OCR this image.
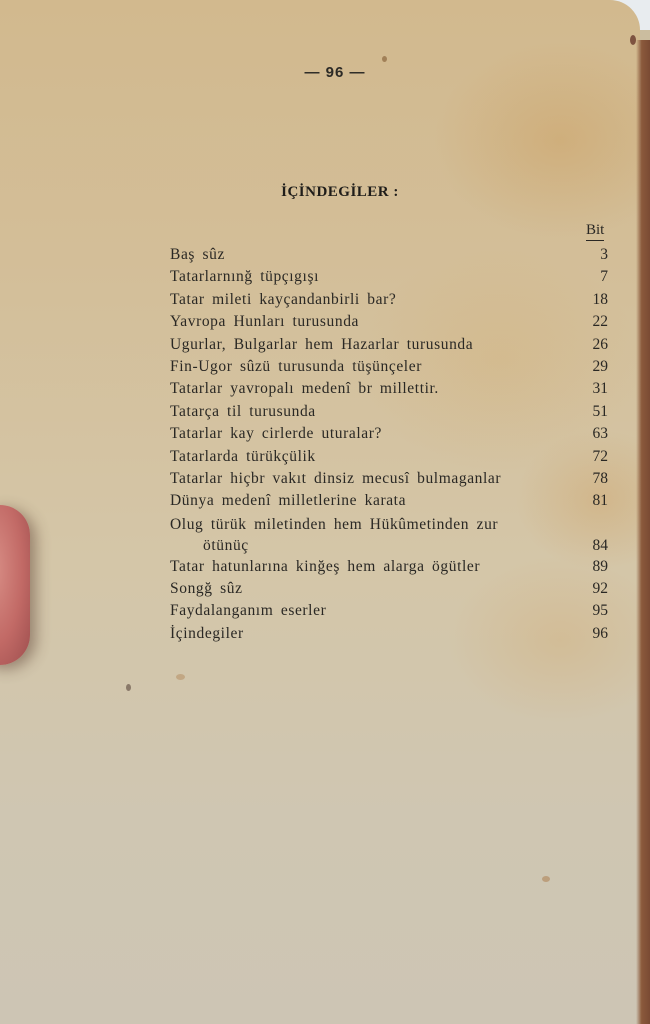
— 96 —
İÇİNDEGİLER :
Bit
Baş sûz	3
Tatarlarnınğ tüpçıgışı	7
Tatar mileti kayçandanbirli bar?	18
Yavropa Hunları turusunda	22
Ugurlar, Bulgarlar hem Hazarlar turusunda	26
Fin-Ugor sûzü turusunda tüşünçeler	29
Tatarlar yavropalı medenî br millettir.	31
Tatarça til turusunda	51
Tatarlar kay cirlerde uturalar?	63
Tatarlarda türükçülik	72
Tatarlar hiçbr vakıt dinsiz mecusî bulmaganlar	78
Dünya medenî milletlerine karata	81
Olug türük miletinden hem Hükûmetinden zur
ötünüç	84
Tatar hatunlarına kinğeş hem alarga ögütler	89
Songğ sûz	92
Faydalanganım eserler	95
İçindegiler	96
